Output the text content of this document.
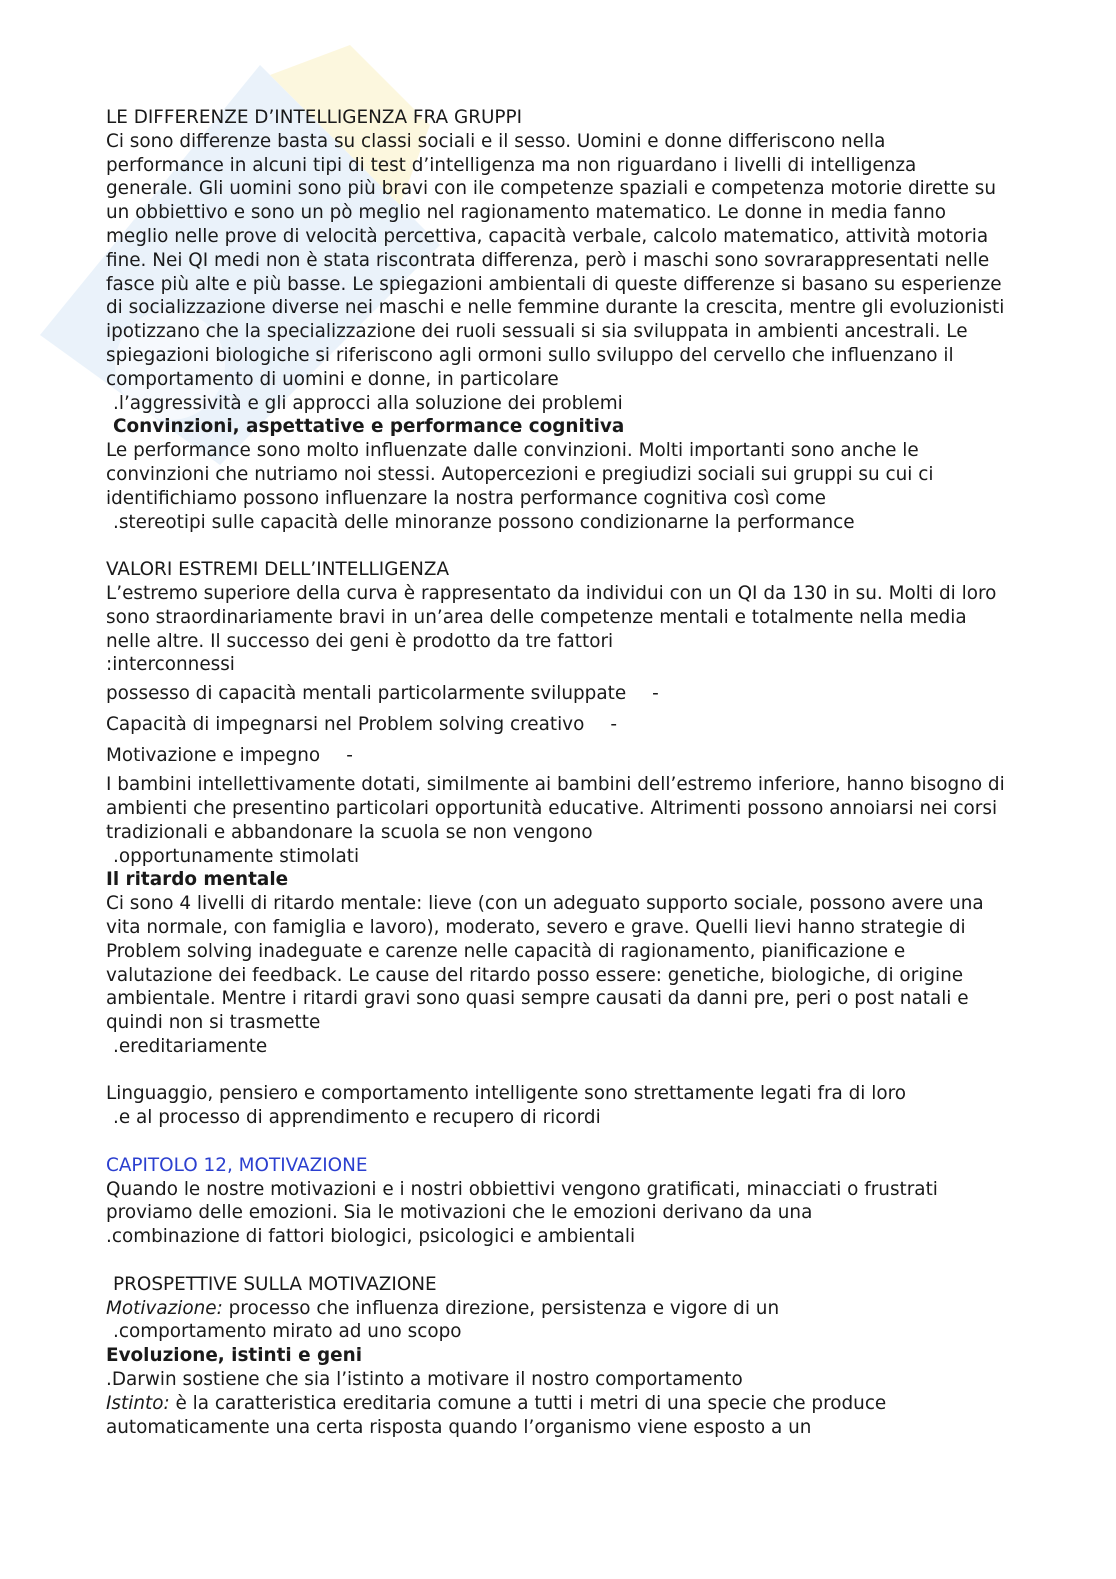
LE DIFFERENZE D’INTELLIGENZA FRA GRUPPI

Ci sono differenze basta su classi sociali e il sesso. Uomini e donne differiscono nella performance in alcuni tipi di test d’intelligenza ma non riguardano i livelli di intelligenza generale. Gli uomini sono più bravi con ile competenze spaziali e competenza motorie dirette su un obbiettivo e sono un pò meglio nel ragionamento matematico. Le donne in media fanno meglio nelle prove di velocità percettiva, capacità verbale, calcolo matematico, attività motoria fine. Nei QI medi non è stata riscontrata differenza, però i maschi sono sovrarappresentati nelle fasce più alte e più basse. Le spiegazioni ambientali di queste differenze si basano su esperienze di socializzazione diverse nei maschi e nelle femmine durante la crescita, mentre gli evoluzionisti ipotizzano che la specializzazione dei ruoli sessuali si sia sviluppata in ambienti ancestrali. Le spiegazioni biologiche si riferiscono agli ormoni sullo sviluppo del cervello che influenzano il comportamento di uomini e donne, in particolare

.l’aggressività e gli approcci alla soluzione dei problemi

Convinzioni, aspettative e performance cognitiva

Le performance sono molto influenzate dalle convinzioni. Molti importanti sono anche le convinzioni che nutriamo noi stessi. Autopercezioni e pregiudizi sociali sui gruppi su cui ci identifichiamo possono influenzare la nostra performance cognitiva così come

.stereotipi sulle capacità delle minoranze possono condizionarne la performance

VALORI ESTREMI DELL’INTELLIGENZA

L’estremo superiore della curva è rappresentato da individui con un QI da 130 in su. Molti di loro sono straordinariamente bravi in un’area delle competenze mentali e totalmente nella media nelle altre. Il successo dei geni è prodotto da tre fattori

:interconnessi

possesso di capacità mentali particolarmente sviluppate -

Capacità di impegnarsi nel Problem solving creativo -

Motivazione e impegno -

I bambini intellettivamente dotati, similmente ai bambini dell’estremo inferiore, hanno bisogno di ambienti che presentino particolari opportunità educative. Altrimenti possono annoiarsi nei corsi tradizionali e abbandonare la scuola se non vengono

.opportunamente stimolati

Il ritardo mentale

Ci sono 4 livelli di ritardo mentale: lieve (con un adeguato supporto sociale, possono avere una vita normale, con famiglia e lavoro), moderato, severo e grave. Quelli lievi hanno strategie di Problem solving inadeguate e carenze nelle capacità di ragionamento, pianificazione e valutazione dei feedback. Le cause del ritardo posso essere: genetiche, biologiche, di origine ambientale. Mentre i ritardi gravi sono quasi sempre causati da danni pre, peri o post natali e quindi non si trasmette

.ereditariamente

Linguaggio, pensiero e comportamento intelligente sono strettamente legati fra di loro

.e al processo di apprendimento e recupero di ricordi

CAPITOLO 12, MOTIVAZIONE

Quando le nostre motivazioni e i nostri obbiettivi vengono gratificati, minacciati o frustrati proviamo delle emozioni. Sia le motivazioni che le emozioni derivano da una

.combinazione di fattori biologici, psicologici e ambientali

PROSPETTIVE SULLA MOTIVAZIONE

Motivazione: processo che influenza direzione, persistenza e vigore di un

.comportamento mirato ad uno scopo

Evoluzione, istinti e geni

.Darwin sostiene che sia l’istinto a motivare il nostro comportamento

Istinto: è la caratteristica ereditaria comune a tutti i metri di una specie che produce automaticamente una certa risposta quando l’organismo viene esposto a un
